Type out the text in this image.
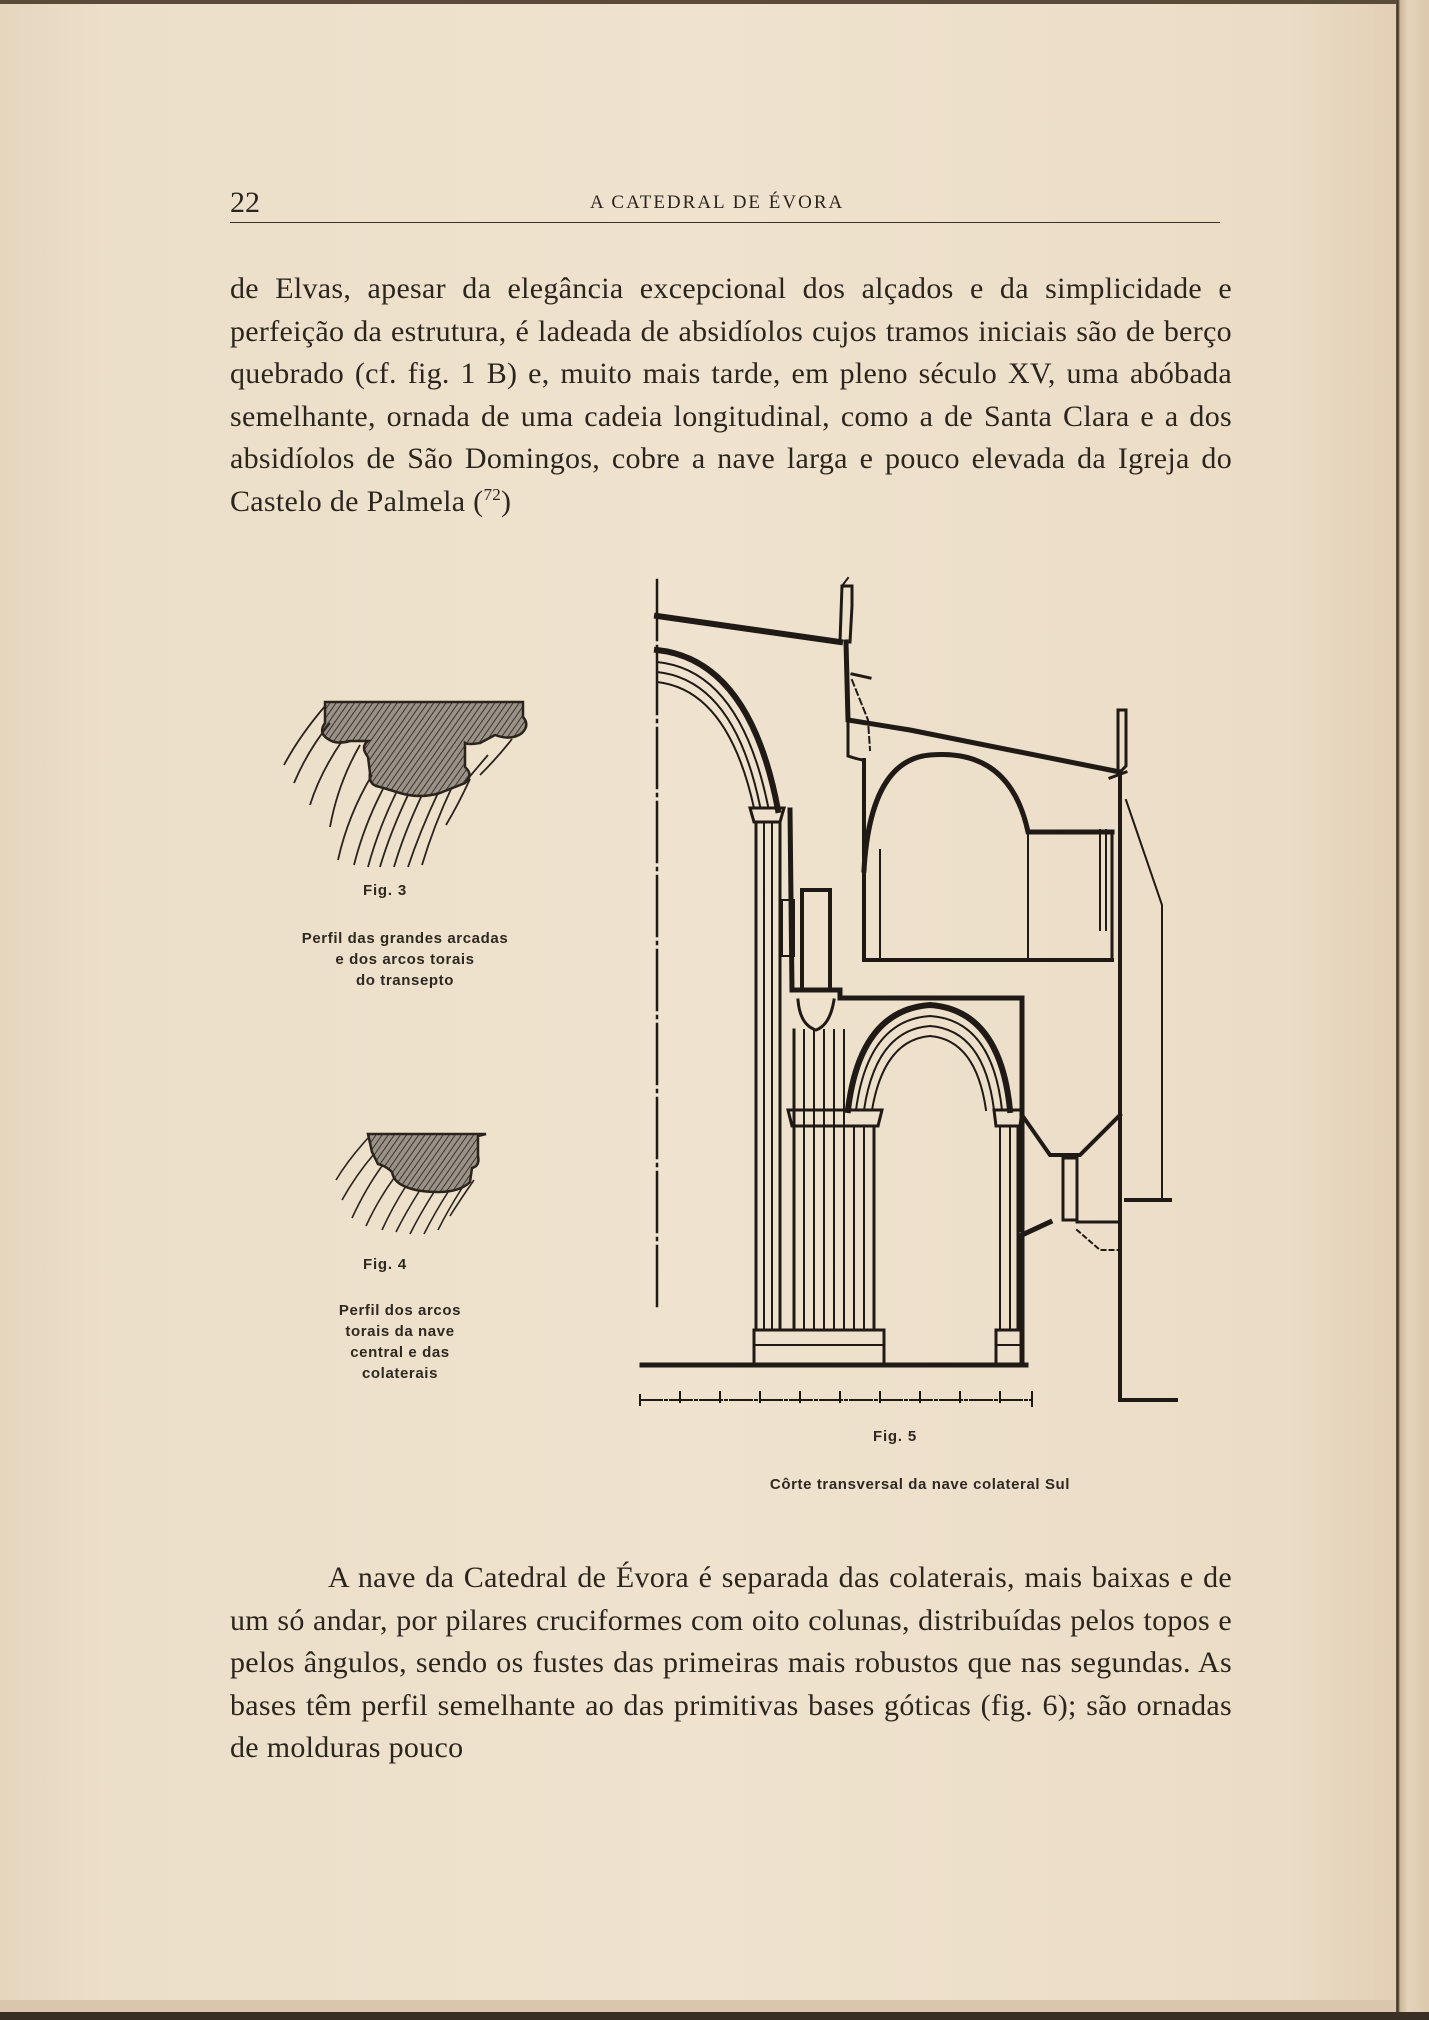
22	A CATEDRAL DE ÉVORA
de Elvas, apesar da elegância excepcional dos alçados e da simplicidade e perfeição da estrutura, é ladeada de absidíolos cujos tramos iniciais são de berço quebrado (cf. fig. 1 B) e, muito mais tarde, em pleno século XV, uma abóbada semelhante, ornada de uma cadeia longitudinal, como a de Santa Clara e a dos absidíolos de São Domingos, cobre a nave larga e pouco elevada da Igreja do Castelo de Palmela ($^{72}$)
Fig. 3
Perfil das grandes arcadas
e dos arcos torais
do transepto
Fig. 4
Perfil dos arcos
torais da nave
central e das
colaterais
Fig. 5
Côrte transversal da nave colateral Sul
A nave da Catedral de Évora é separada das colaterais, mais baixas e de um só andar, por pilares cruciformes com oito colunas, distribuídas pelos topos e pelos ângulos, sendo os fustes das primeiras mais robustos que nas segundas. As bases têm perfil semelhante ao das primitivas bases góticas (fig. 6); são ornadas de molduras pouco
